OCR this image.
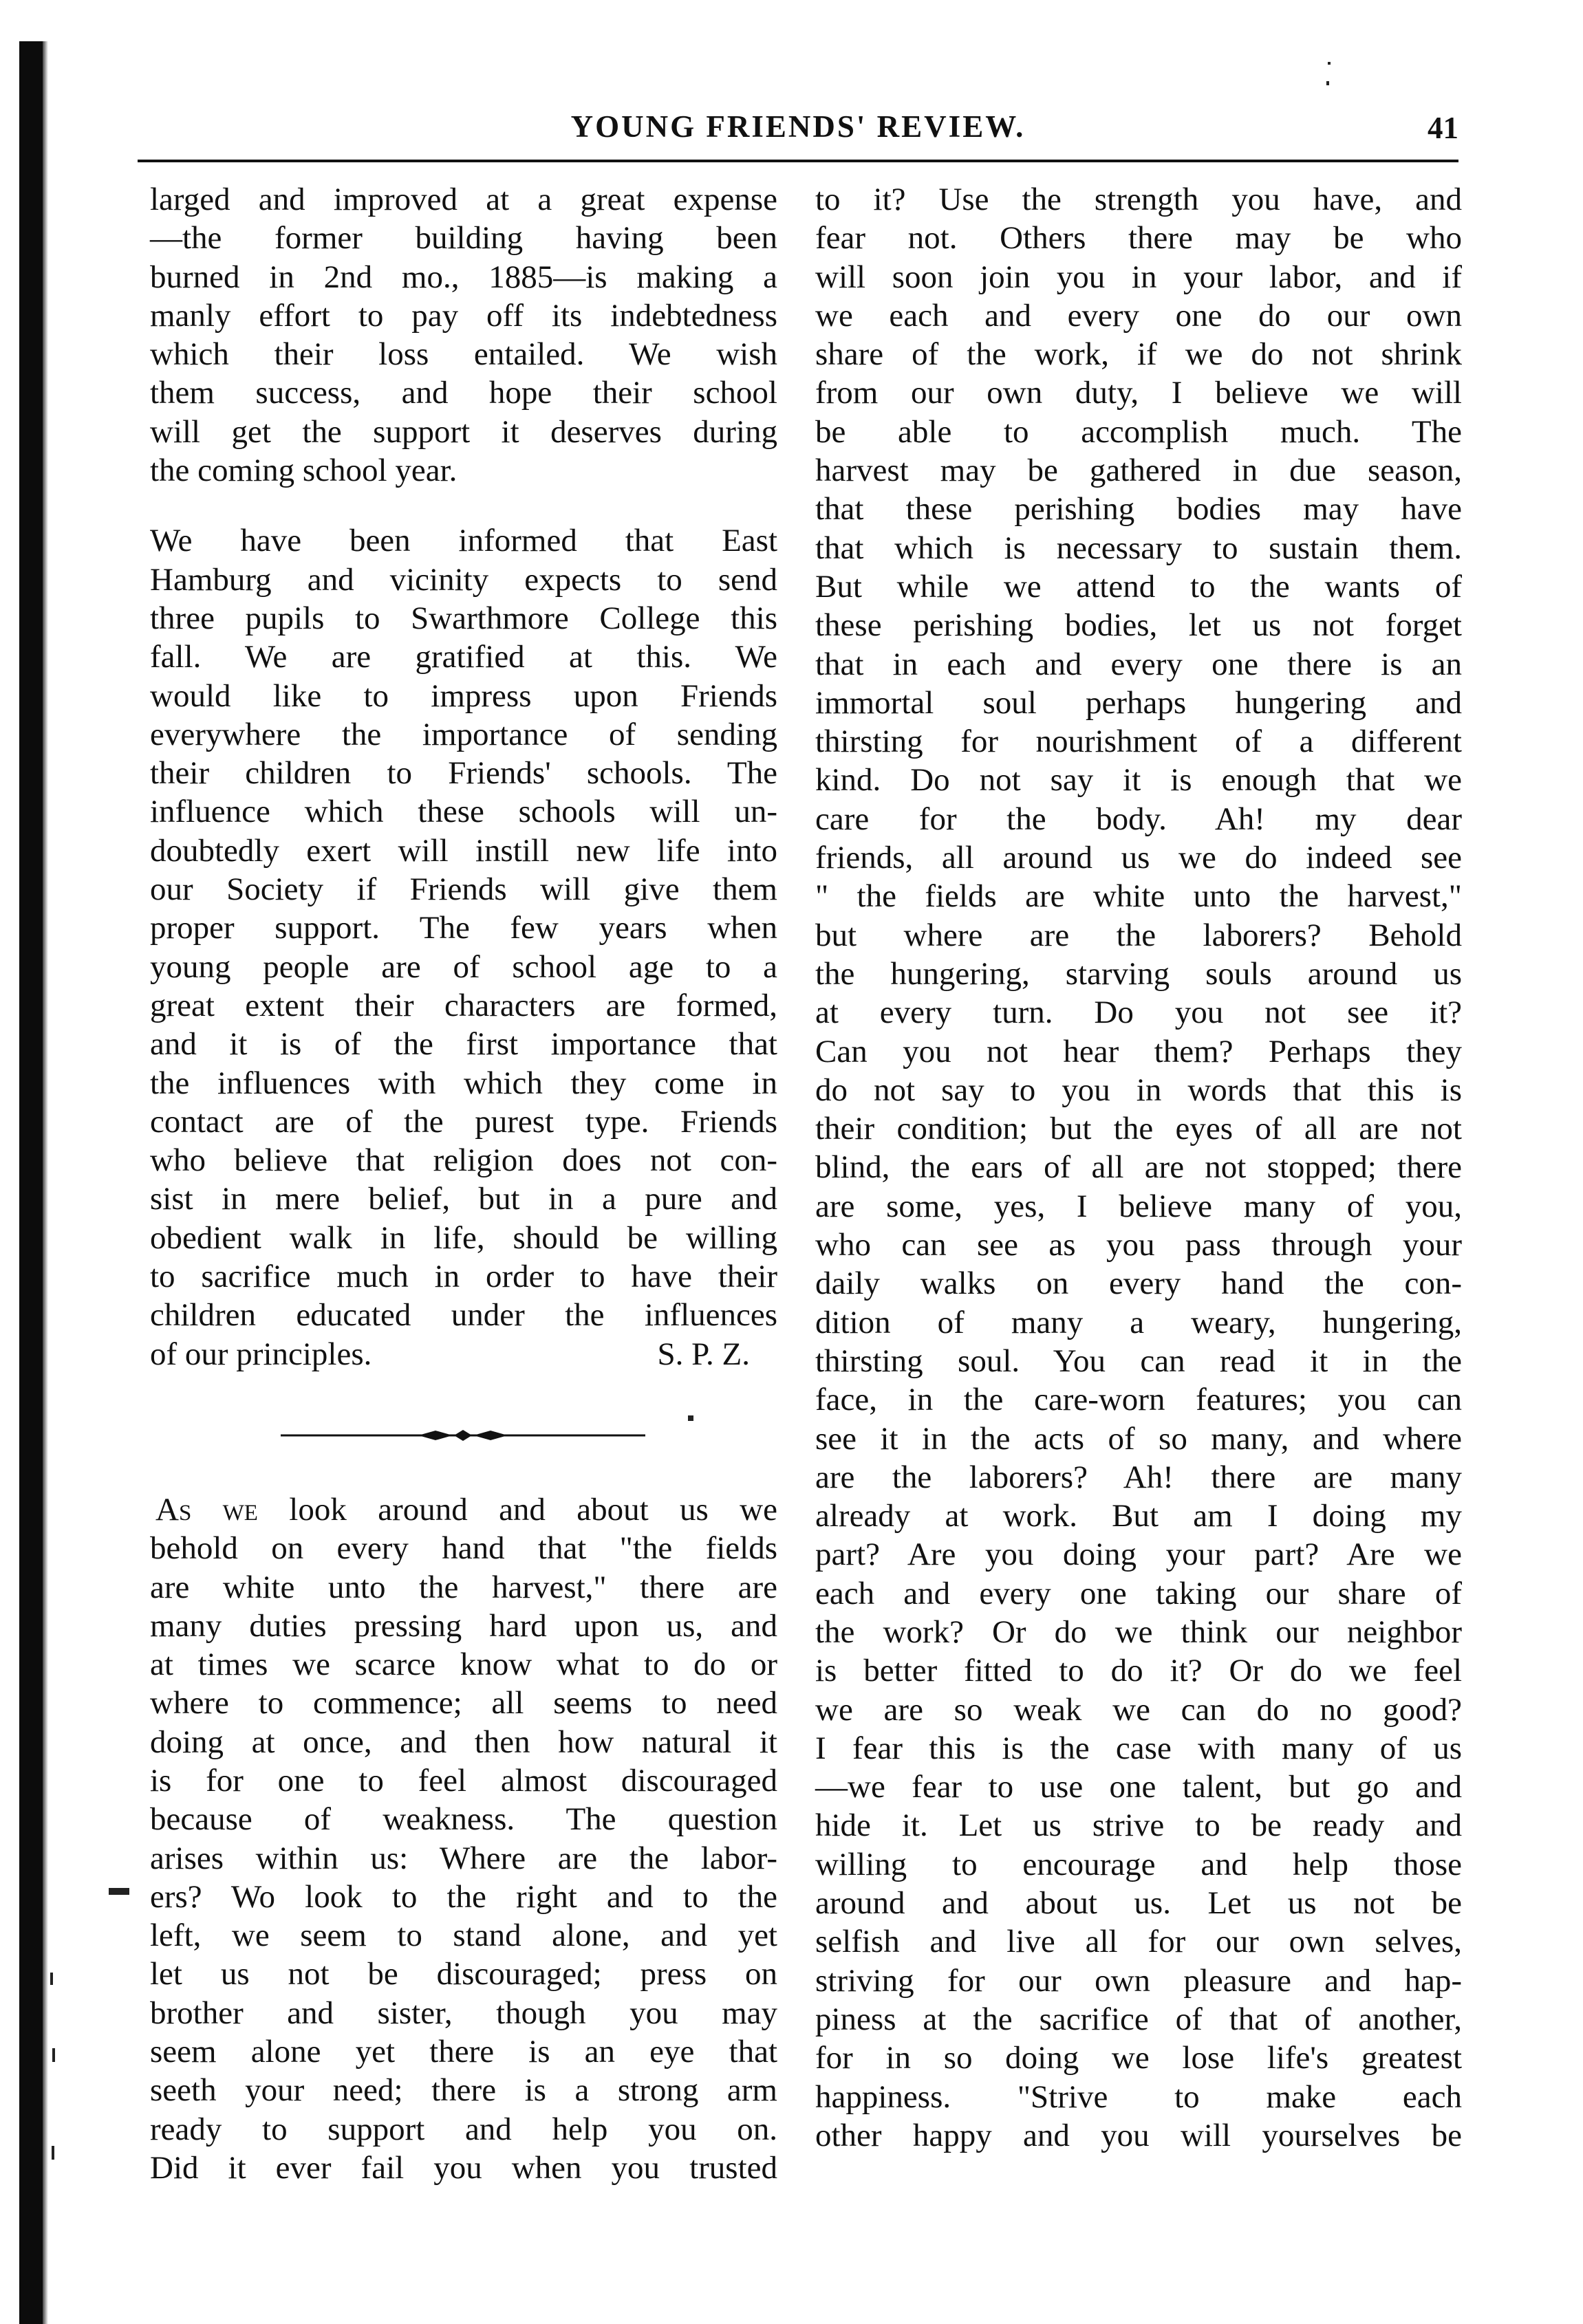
YOUNG FRIENDS' REVIEW.	41
larged and improved at a great expense
—the former building having been
burned in 2nd mo., 1885—is making a
manly effort to pay off its indebtedness
which their loss entailed. We wish
them success, and hope their school
will get the support it deserves during
the coming school year.
We have been informed that East
Hamburg and vicinity expects to send
three pupils to Swarthmore College this
fall. We are gratified at this. We
would like to impress upon Friends
everywhere the importance of sending
their children to Friends' schools. The
influence which these schools will un-
doubtedly exert will instill new life into
our Society if Friends will give them
proper support. The few years when
young people are of school age to a
great extent their characters are formed,
and it is of the first importance that
the influences with which they come in
contact are of the purest type. Friends
who believe that religion does not con-
sist in mere belief, but in a pure and
obedient walk in life, should be willing
to sacrifice much in order to have their
children educated under the influences
of our principles.	S. P. Z.
As we look around and about us we
behold on every hand that "the fields
are white unto the harvest," there are
many duties pressing hard upon us, and
at times we scarce know what to do or
where to commence; all seems to need
doing at once, and then how natural it
is for one to feel almost discouraged
because of weakness. The question
arises within us: Where are the labor-
ers? Wo look to the right and to the
left, we seem to stand alone, and yet
let us not be discouraged; press on
brother and sister, though you may
seem alone yet there is an eye that
seeth your need; there is a strong arm
ready to support and help you on.
Did it ever fail you when you trusted
to it? Use the strength you have, and
fear not. Others there may be who
will soon join you in your labor, and if
we each and every one do our own
share of the work, if we do not shrink
from our own duty, I believe we will
be able to accomplish much. The
harvest may be gathered in due season,
that these perishing bodies may have
that which is necessary to sustain them.
But while we attend to the wants of
these perishing bodies, let us not forget
that in each and every one there is an
immortal soul perhaps hungering and
thirsting for nourishment of a different
kind. Do not say it is enough that we
care for the body. Ah! my dear
friends, all around us we do indeed see
" the fields are white unto the harvest,"
but where are the laborers? Behold
the hungering, starving souls around us
at every turn. Do you not see it?
Can you not hear them? Perhaps they
do not say to you in words that this is
their condition; but the eyes of all are not
blind, the ears of all are not stopped; there
are some, yes, I believe many of you,
who can see as you pass through your
daily walks on every hand the con-
dition of many a weary, hungering,
thirsting soul. You can read it in the
face, in the care-worn features; you can
see it in the acts of so many, and where
are the laborers? Ah! there are many
already at work. But am I doing my
part? Are you doing your part? Are we
each and every one taking our share of
the work? Or do we think our neighbor
is better fitted to do it? Or do we feel
we are so weak we can do no good?
I fear this is the case with many of us
—we fear to use one talent, but go and
hide it. Let us strive to be ready and
willing to encourage and help those
around and about us. Let us not be
selfish and live all for our own selves,
striving for our own pleasure and hap-
piness at the sacrifice of that of another,
for in so doing we lose life's greatest
happiness. "Strive to make each
other happy and you will yourselves be
